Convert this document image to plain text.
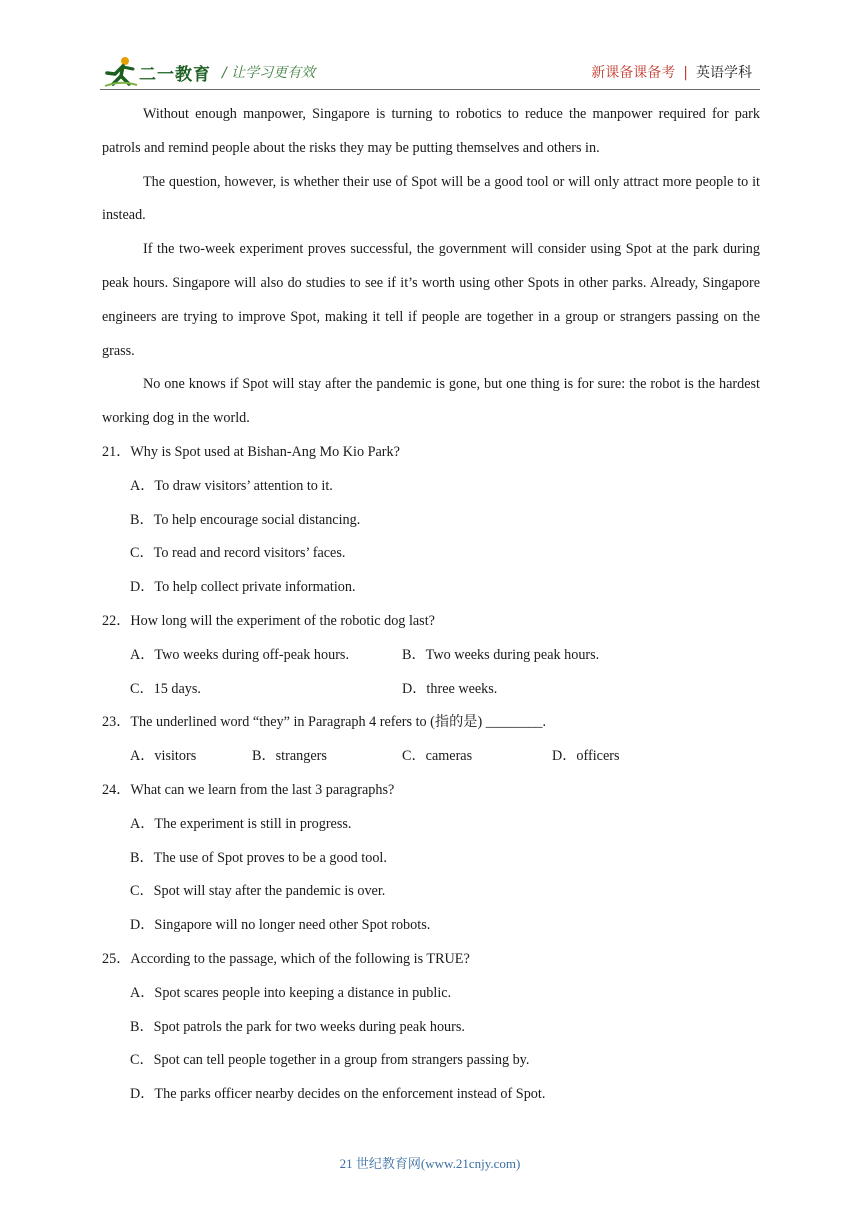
二一教育 / 让学习更有效	新课备课备考 | 英语学科

Without enough manpower, Singapore is turning to robotics to reduce the manpower required for park patrols and remind people about the risks they may be putting themselves and others in.

The question, however, is whether their use of Spot will be a good tool or will only attract more people to it instead.

If the two-week experiment proves successful, the government will consider using Spot at the park during peak hours. Singapore will also do studies to see if it’s worth using other Spots in other parks. Already, Singapore engineers are trying to improve Spot, making it tell if people are together in a group or strangers passing on the grass.

No one knows if Spot will stay after the pandemic is gone, but one thing is for sure: the robot is the hardest working dog in the world.

21．Why is Spot used at Bishan-Ang Mo Kio Park?

A．To draw visitors’ attention to it.

B．To help encourage social distancing.

C．To read and record visitors’ faces.

D．To help collect private information.

22．How long will the experiment of the robotic dog last?

A．Two weeks during off-peak hours.	B．Two weeks during peak hours.
C．15 days.	D．three weeks.

23．The underlined word “they” in Paragraph 4 refers to (指的是) ________.

A．visitors	B．strangers	C．cameras	D．officers

24．What can we learn from the last 3 paragraphs?

A．The experiment is still in progress.

B．The use of Spot proves to be a good tool.

C．Spot will stay after the pandemic is over.

D．Singapore will no longer need other Spot robots.

25．According to the passage, which of the following is TRUE?

A．Spot scares people into keeping a distance in public.

B．Spot patrols the park for two weeks during peak hours.

C．Spot can tell people together in a group from strangers passing by.

D．The parks officer nearby decides on the enforcement instead of Spot.

21 世纪教育网(www.21cnjy.com)
